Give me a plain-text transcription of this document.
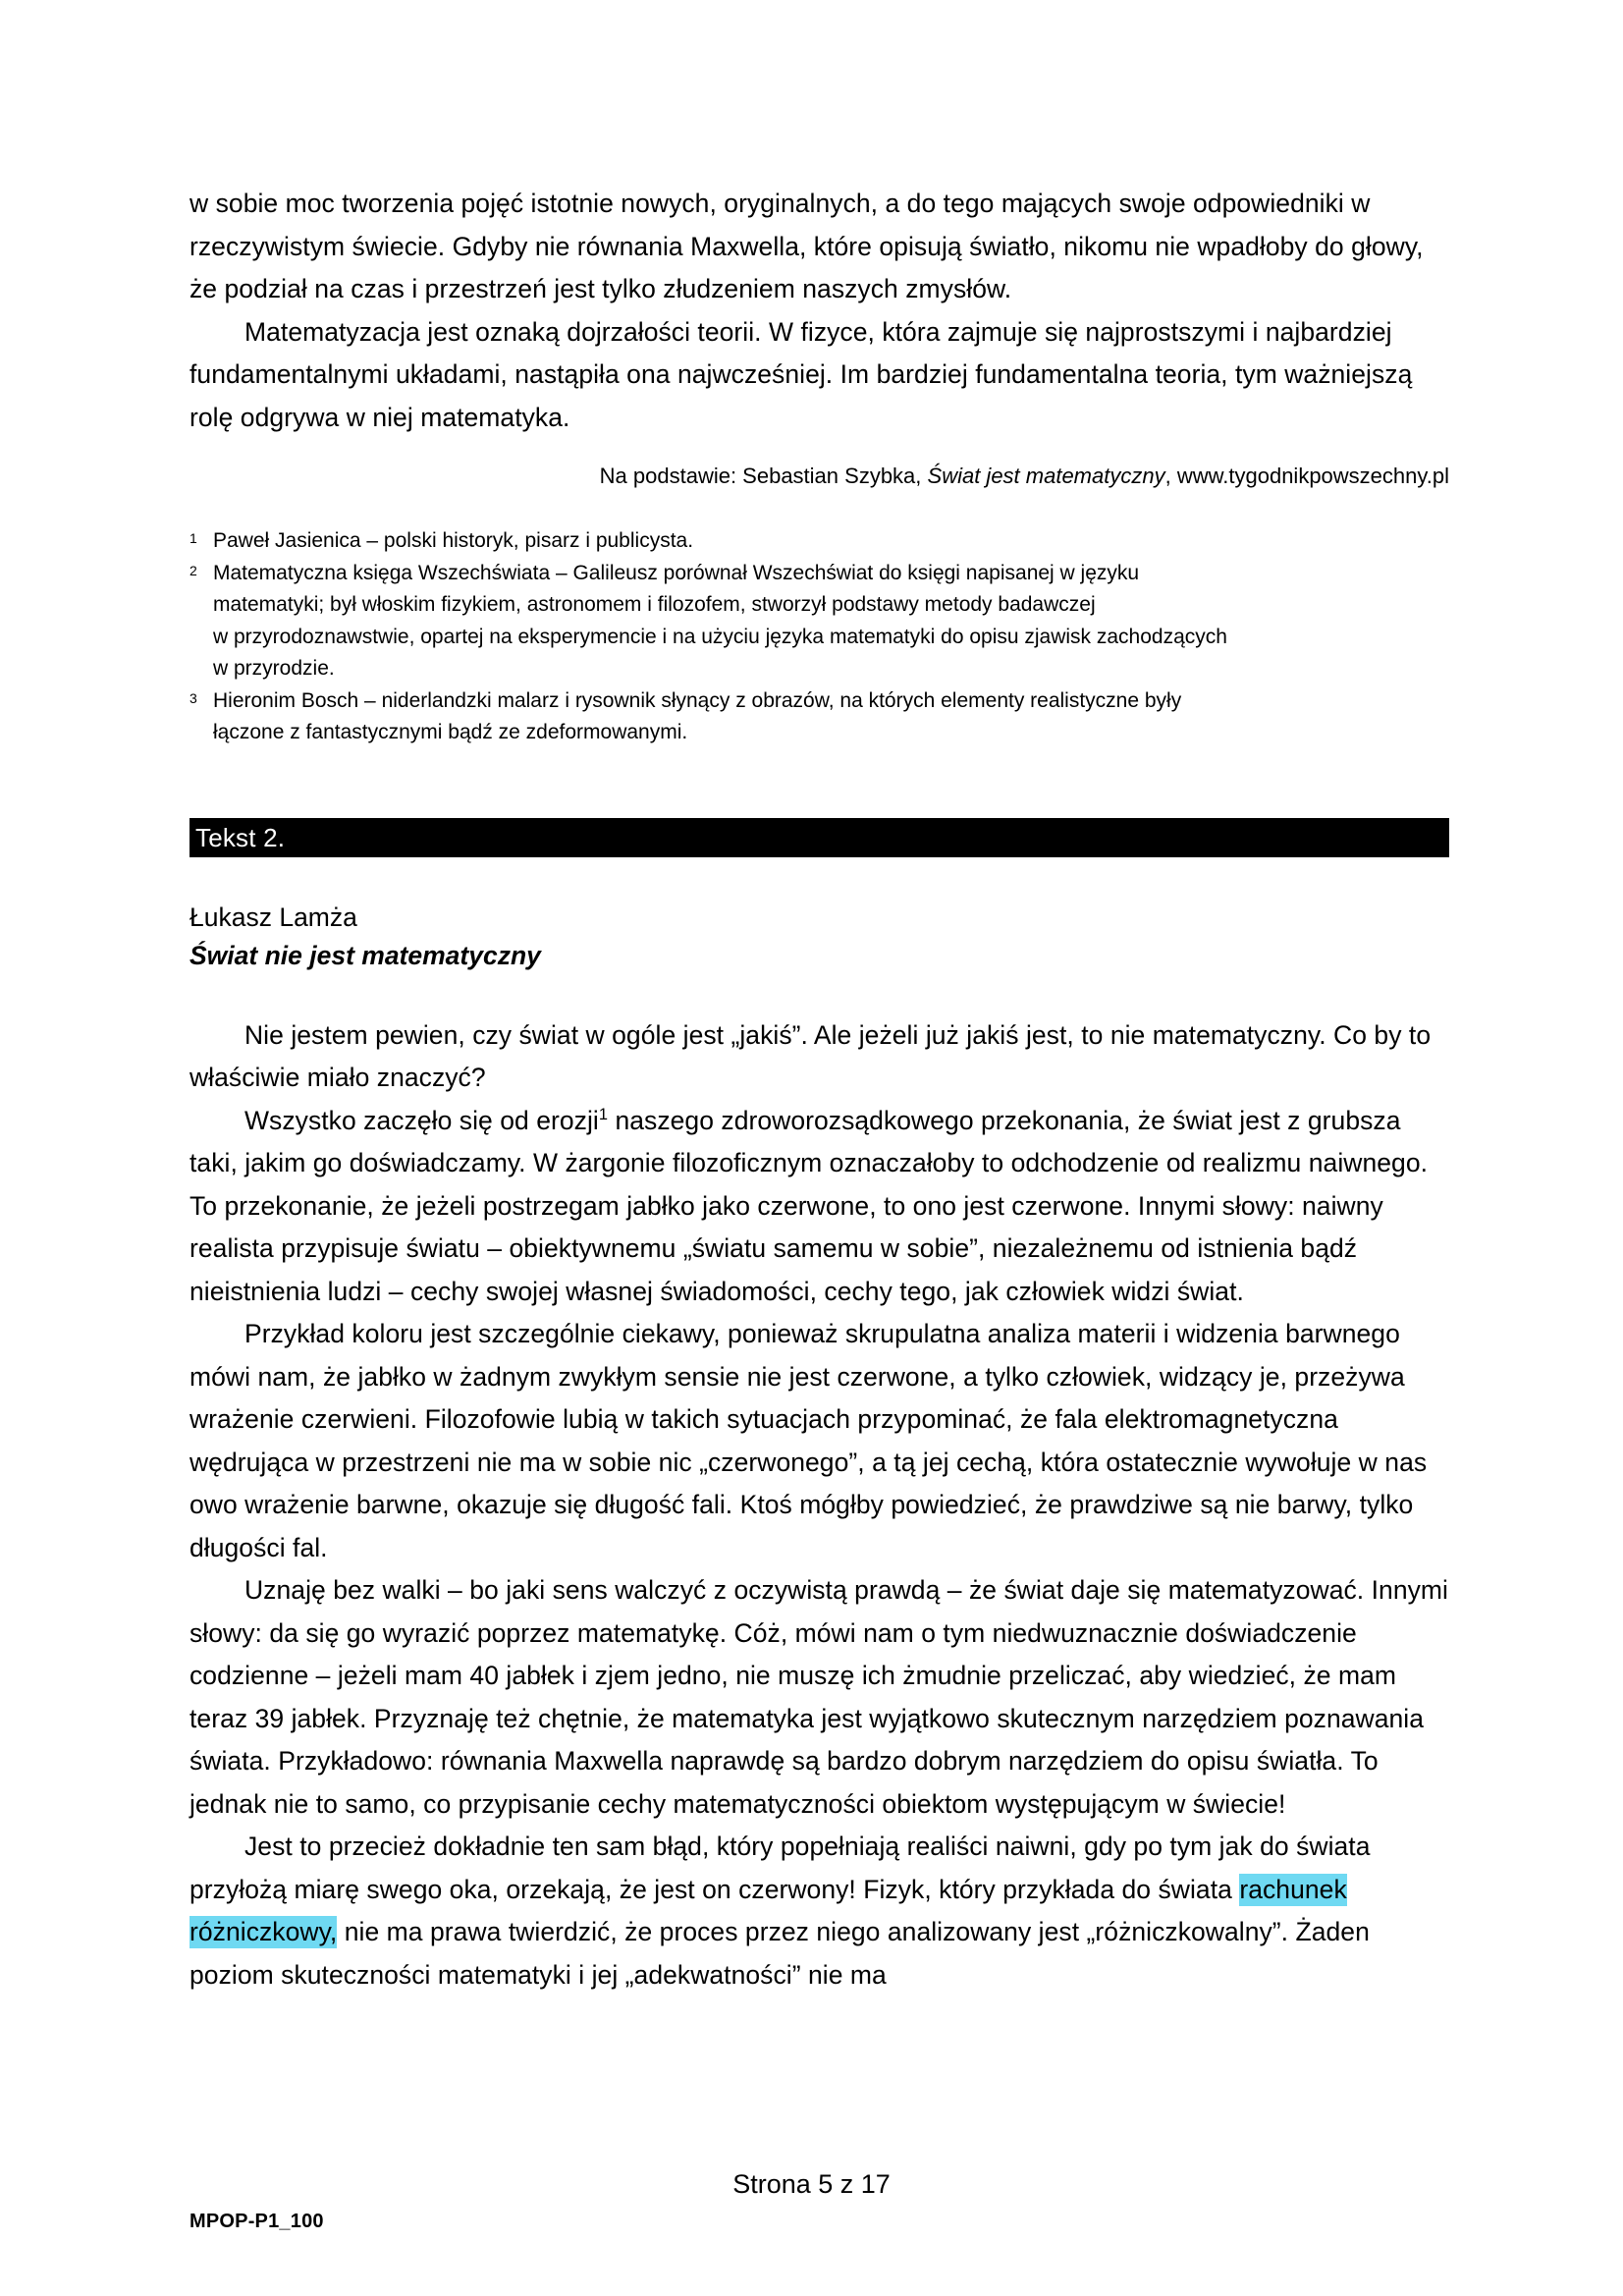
w sobie moc tworzenia pojęć istotnie nowych, oryginalnych, a do tego mających swoje odpowiedniki w rzeczywistym świecie. Gdyby nie równania Maxwella, które opisują światło, nikomu nie wpadłoby do głowy, że podział na czas i przestrzeń jest tylko złudzeniem naszych zmysłów.

Matematyzacja jest oznaką dojrzałości teorii. W fizyce, która zajmuje się najprostszymi i najbardziej fundamentalnymi układami, nastąpiła ona najwcześniej. Im bardziej fundamentalna teoria, tym ważniejszą rolę odgrywa w niej matematyka.

Na podstawie: Sebastian Szybka, Świat jest matematyczny, www.tygodnikpowszechny.pl

1 Paweł Jasienica – polski historyk, pisarz i publicysta.
2 Matematyczna księga Wszechświata – Galileusz porównał Wszechświat do księgi napisanej w języku
matematyki; był włoskim fizykiem, astronomem i filozofem, stworzył podstawy metody badawczej
w przyrodoznawstwie, opartej na eksperymencie i na użyciu języka matematyki do opisu zjawisk zachodzących
w przyrodzie.
3 Hieronim Bosch – niderlandzki malarz i rysownik słynący z obrazów, na których elementy realistyczne były
łączone z fantastycznymi bądź ze zdeformowanymi.
Tekst 2.
Łukasz Lamża
Świat nie jest matematyczny

Nie jestem pewien, czy świat w ogóle jest „jakiś”. Ale jeżeli już jakiś jest, to nie matematyczny. Co by to właściwie miało znaczyć?

Wszystko zaczęło się od erozji$^1$ naszego zdroworozsądkowego przekonania, że świat jest z grubsza taki, jakim go doświadczamy. W żargonie filozoficznym oznaczałoby to odchodzenie od realizmu naiwnego. To przekonanie, że jeżeli postrzegam jabłko jako czerwone, to ono jest czerwone. Innymi słowy: naiwny realista przypisuje światu – obiektywnemu „światu samemu w sobie”, niezależnemu od istnienia bądź nieistnienia ludzi – cechy swojej własnej świadomości, cechy tego, jak człowiek widzi świat.

Przykład koloru jest szczególnie ciekawy, ponieważ skrupulatna analiza materii i widzenia barwnego mówi nam, że jabłko w żadnym zwykłym sensie nie jest czerwone, a tylko człowiek, widzący je, przeżywa wrażenie czerwieni. Filozofowie lubią w takich sytuacjach przypominać, że fala elektromagnetyczna wędrująca w przestrzeni nie ma w sobie nic „czerwonego”, a tą jej cechą, która ostatecznie wywołuje w nas owo wrażenie barwne, okazuje się długość fali. Ktoś mógłby powiedzieć, że prawdziwe są nie barwy, tylko długości fal.

Uznaję bez walki – bo jaki sens walczyć z oczywistą prawdą – że świat daje się matematyzować. Innymi słowy: da się go wyrazić poprzez matematykę. Cóż, mówi nam o tym niedwuznacznie doświadczenie codzienne – jeżeli mam 40 jabłek i zjem jedno, nie muszę ich żmudnie przeliczać, aby wiedzieć, że mam teraz 39 jabłek. Przyznaję też chętnie, że matematyka jest wyjątkowo skutecznym narzędziem poznawania świata. Przykładowo: równania Maxwella naprawdę są bardzo dobrym narzędziem do opisu światła. To jednak nie to samo, co przypisanie cechy matematyczności obiektom występującym w świecie!

Jest to przecież dokładnie ten sam błąd, który popełniają realiści naiwni, gdy po tym jak do świata przyłożą miarę swego oka, orzekają, że jest on czerwony! Fizyk, który przykłada do świata rachunek różniczkowy, nie ma prawa twierdzić, że proces przez niego analizowany jest „różniczkowalny”. Żaden poziom skuteczności matematyki i jej „adekwatności” nie ma

Strona 5 z 17
MPOP-P1_100
